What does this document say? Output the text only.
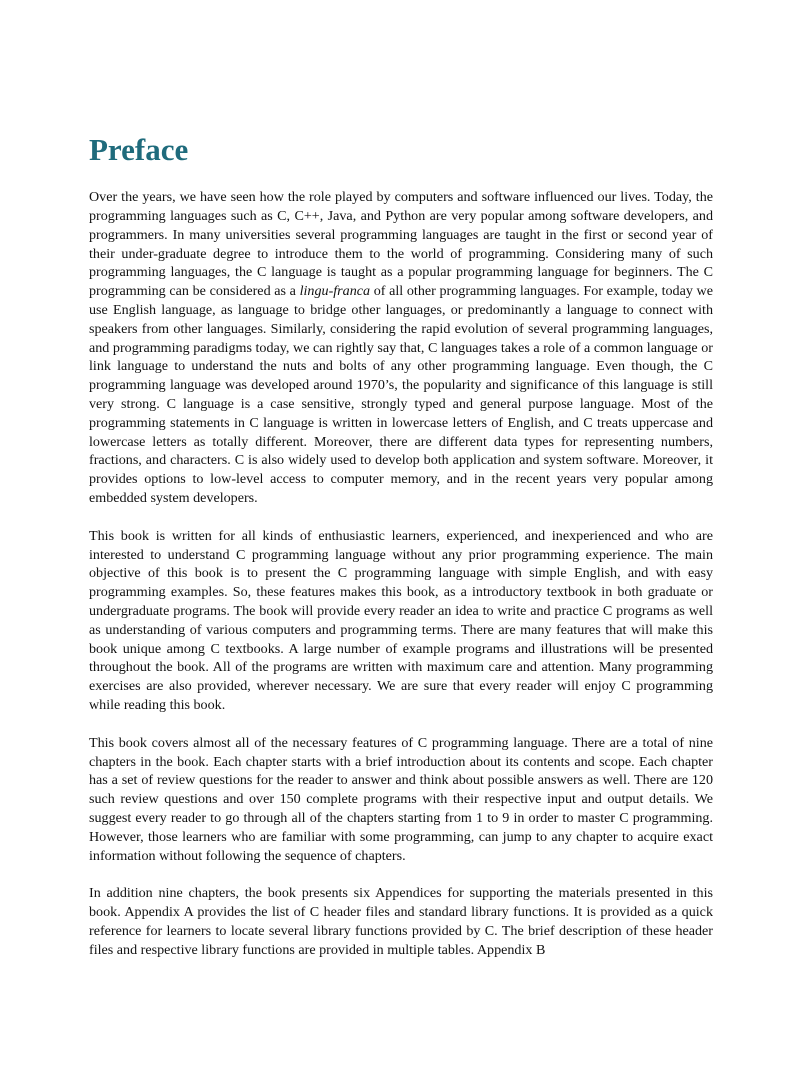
Preface

Over the years, we have seen how the role played by computers and software influenced our lives. Today, the programming languages such as C, C++, Java, and Python are very popular among software developers, and programmers. In many universities several programming languages are taught in the first or second year of their under-graduate degree to introduce them to the world of programming. Considering many of such programming languages, the C language is taught as a popular programming language for beginners. The C programming can be considered as a lingu-franca of all other programming languages. For example, today we use English language, as language to bridge other languages, or predominantly a language to connect with speakers from other languages. Similarly, considering the rapid evolution of several programming languages, and programming paradigms today, we can rightly say that, C languages takes a role of a common language or link language to understand the nuts and bolts of any other programming language. Even though, the C programming language was developed around 1970’s, the popularity and significance of this language is still very strong. C language is a case sensitive, strongly typed and general purpose language. Most of the programming statements in C language is written in lowercase letters of English, and C treats uppercase and lowercase letters as totally different. Moreover, there are different data types for representing numbers, fractions, and characters. C is also widely used to develop both application and system software. Moreover, it provides options to low-level access to computer memory, and in the recent years very popular among embedded system developers.

This book is written for all kinds of enthusiastic learners, experienced, and inexperienced and who are interested to understand C programming language without any prior programming experience. The main objective of this book is to present the C programming language with simple English, and with easy programming examples. So, these features makes this book, as a introductory textbook in both graduate or undergraduate programs. The book will provide every reader an idea to write and practice C programs as well as understanding of various computers and programming terms. There are many features that will make this book unique among C textbooks. A large number of example programs and illustrations will be presented throughout the book. All of the programs are written with maximum care and attention. Many programming exercises are also provided, wherever necessary. We are sure that every reader will enjoy C programming while reading this book.

This book covers almost all of the necessary features of C programming language. There are a total of nine chapters in the book. Each chapter starts with a brief introduction about its contents and scope. Each chapter has a set of review questions for the reader to answer and think about possible answers as well. There are 120 such review questions and over 150 complete programs with their respective input and output details. We suggest every reader to go through all of the chapters starting from 1 to 9 in order to master C programming. However, those learners who are familiar with some programming, can jump to any chapter to acquire exact information without following the sequence of chapters.

In addition nine chapters, the book presents six Appendices for supporting the materials presented in this book. Appendix A provides the list of C header files and standard library functions. It is provided as a quick reference for learners to locate several library functions provided by C. The brief description of these header files and respective library functions are provided in multiple tables. Appendix B
